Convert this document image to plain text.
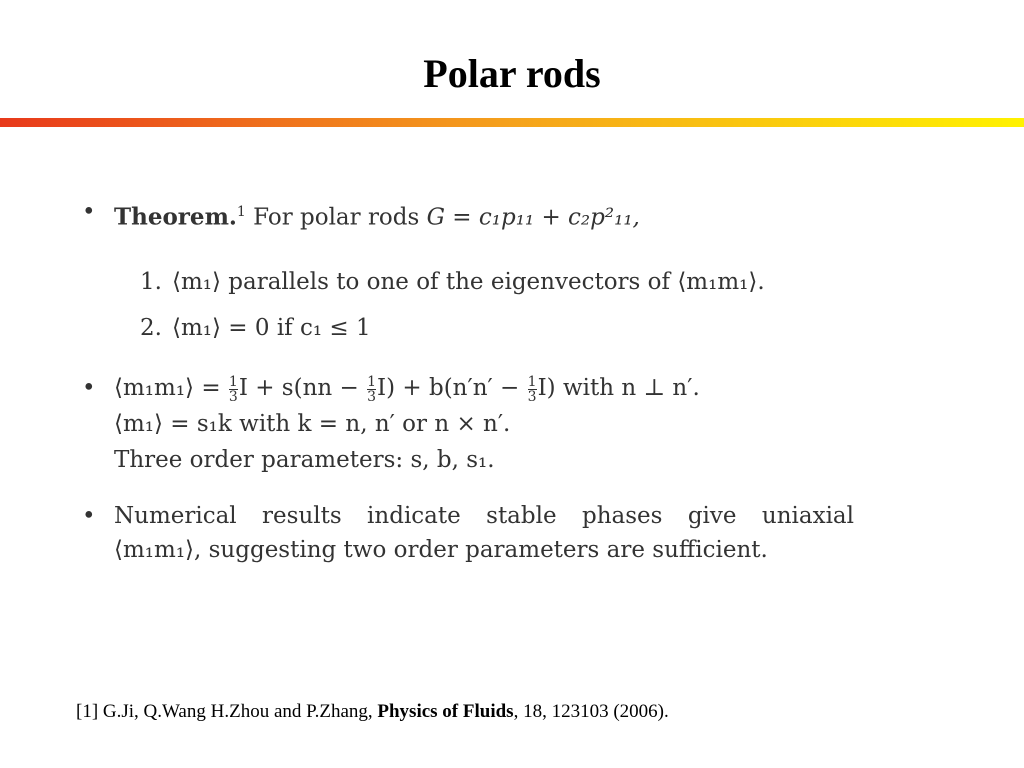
Polar rods
• Theorem.$^1$ For polar rods G = c₁p₁₁ + c₂p²₁₁,
1. ⟨m₁⟩ parallels to one of the eigenvectors of ⟨m₁m₁⟩.
2. ⟨m₁⟩ = 0 if c₁ ≤ 1
• ⟨m₁m₁⟩ = $\frac{1}{3}$ $I + s(nn - \frac{1}{3} I) + b(n'n' - \frac{1}{3} I)$ with n ⊥ n′.
⟨m₁⟩ = s₁k with k = n, n′ or n × n′.
Three order parameters: s, b, s₁.
• Numerical results indicate stable phases give uniaxial
⟨m₁m₁⟩, suggesting two order parameters are sufficient.
[1] G.Ji, Q.Wang H.Zhou and P.Zhang, Physics of Fluids, 18, 123103 (2006).
